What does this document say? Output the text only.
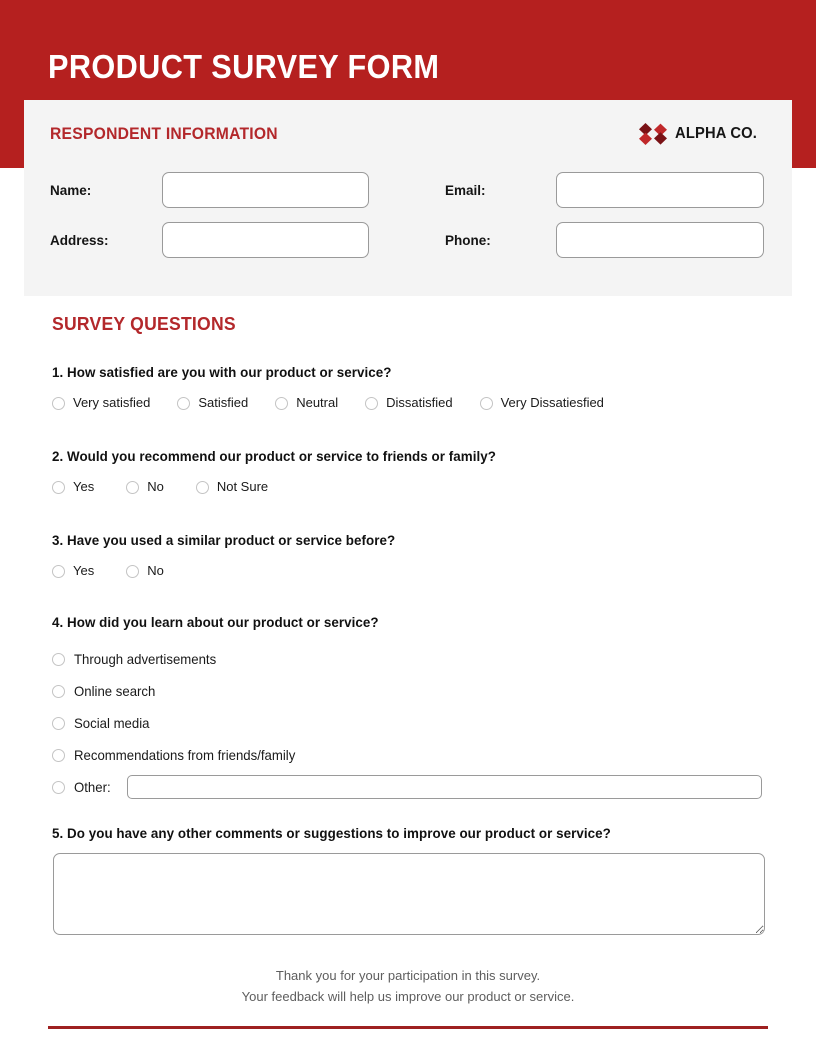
PRODUCT SURVEY FORM
RESPONDENT INFORMATION	ALPHA CO.
Name:	Email:
Address:	Phone:
SURVEY QUESTIONS
1. How satisfied are you with our product or service?
Very satisfied	Satisfied	Neutral	Dissatisfied	Very Dissatiesfied
2. Would you recommend our product or service to friends or family?
Yes	No	Not Sure
3. Have you used a similar product or service before?
Yes	No
4. How did you learn about our product or service?
Through advertisements
Online search
Social media
Recommendations from friends/family
Other:
5. Do you have any other comments or suggestions to improve our product or service?
Thank you for your participation in this survey.
Your feedback will help us improve our product or service.
